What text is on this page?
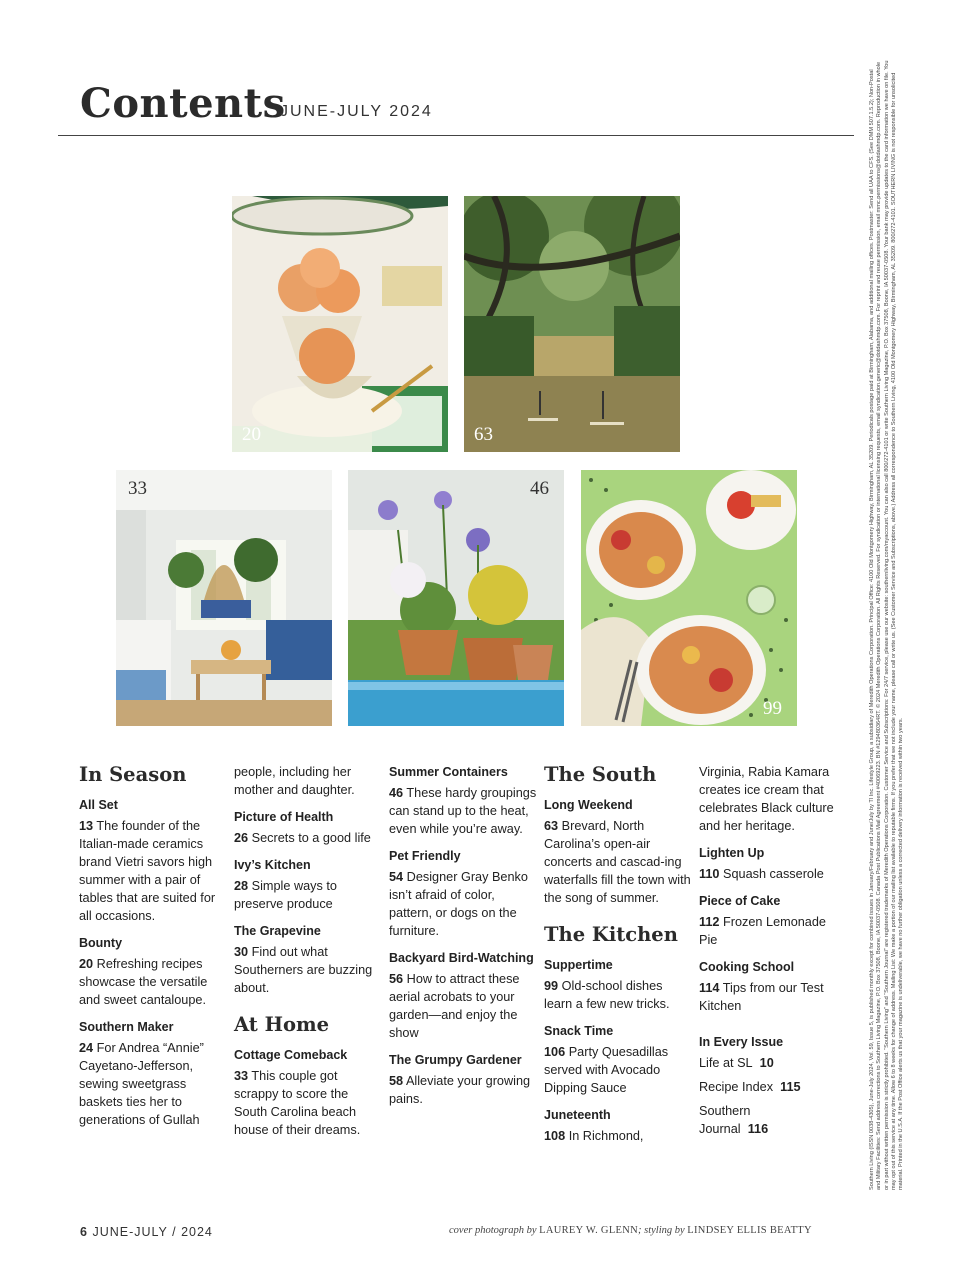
Contents
JUNE-JULY 2024
20	63
33	46
99
In Season
All Set
13 The founder of the Italian-made ceramics brand Vietri savors high summer with a pair of tables that are suited for all occasions.
Bounty
20 Refreshing recipes showcase the versatile and sweet cantaloupe.
Southern Maker
24 For Andrea “Annie” Cayetano-Jefferson, sewing sweetgrass baskets ties her to generations of Gullah
people, including her mother and daughter.
Picture of Health
26 Secrets to a good life
Ivy’s Kitchen
28 Simple ways to preserve produce
The Grapevine
30 Find out what Southerners are buzzing about.
At Home
Cottage Comeback
33 This couple got scrappy to score the South Carolina beach house of their dreams.
Summer Containers
46 These hardy groupings can stand up to the heat, even while you’re away.
Pet Friendly
54 Designer Gray Benko isn’t afraid of color, pattern, or dogs on the furniture.
Backyard Bird-Watching
56 How to attract these aerial acrobats to your garden—and enjoy the show
The Grumpy Gardener
58 Alleviate your growing pains.
The South
Long Weekend
63 Brevard, North Carolina’s open-air concerts and cascad-ing waterfalls fill the town with the song of summer.
The Kitchen
Suppertime
99 Old-school dishes learn a few new tricks.
Snack Time
106 Party Quesadillas served with Avocado Dipping Sauce
Juneteenth
108 In Richmond,
Virginia, Rabia Kamara creates ice cream that celebrates Black culture and her heritage.
Lighten Up
110 Squash casserole
Piece of Cake
112 Frozen Lemonade Pie
Cooking School
114 Tips from our Test Kitchen
In Every Issue
Life at SL 10
Recipe Index 115
Southern Journal 116
6 JUNE-JULY / 2024	cover photograph by LAUREY W. GLENN; styling by LINDSEY ELLIS BEATTY
Southern Living (ISSN 0038-4305), June-July 2024, Vol. 59, Issue 5, is published monthly except for combined issues in January/February and June/July by TI Inc. Lifestyle Group, a subsidiary of Meredith Operations Corporation. Principal Office: 4100 Old Montgomery Highway, Birmingham, AL 35209. Periodicals postage paid at Birmingham, Alabama, and additional mailing offices. Postmaster: Send all UAA to CFS. (See DMM 507.1.5.2); Non-Postal and Military Facilities: Send address corrections to Southern Living Magazine, P.O. Box 37508, Boone, IA 50037-0508. Canada Post Publications Mail Agreement #40069223. BN #129480364RT. © 2024 Meredith Operations Corporation. All Rights Reserved. For syndication or international licensing requests, email syndication.generic@dotdashmdp.com. For reprint and reuse permission, email mmc.permissions@dotdashmdp.com. Reproduction in whole or in part without written permission is strictly prohibited. “Southern Living” and “Southern Journal” are registered trademarks of Meredith Operations Corporation. Customer Service and Subscriptions: For 24/7 service, please use our website: southernliving.com/myaccount. You can also call 800/272-4101 or write Southern Living Magazine, P.O. Box 37508, Boone, IA 50037-0508. Your bank may provide updates to the card information we have on file. You may opt out of this service at any time. Allow 6 to 8 weeks for change of address. Mailing List: We make a portion of our mailing list available to reputable firms. If you prefer that we not include your name, please call or write us. (See Customer Service and Subscriptions, above.) Address all correspondence to Southern Living, 4100 Old Montgomery Highway, Birmingham, AL 35209. 800/272-4101. SOUTHERN LIVING is not responsible for unsolicited material. Printed in the U.S.A. If the Post Office alerts us that your magazine is undeliverable, we have no further obligation unless a corrected delivery information is received within two years.
